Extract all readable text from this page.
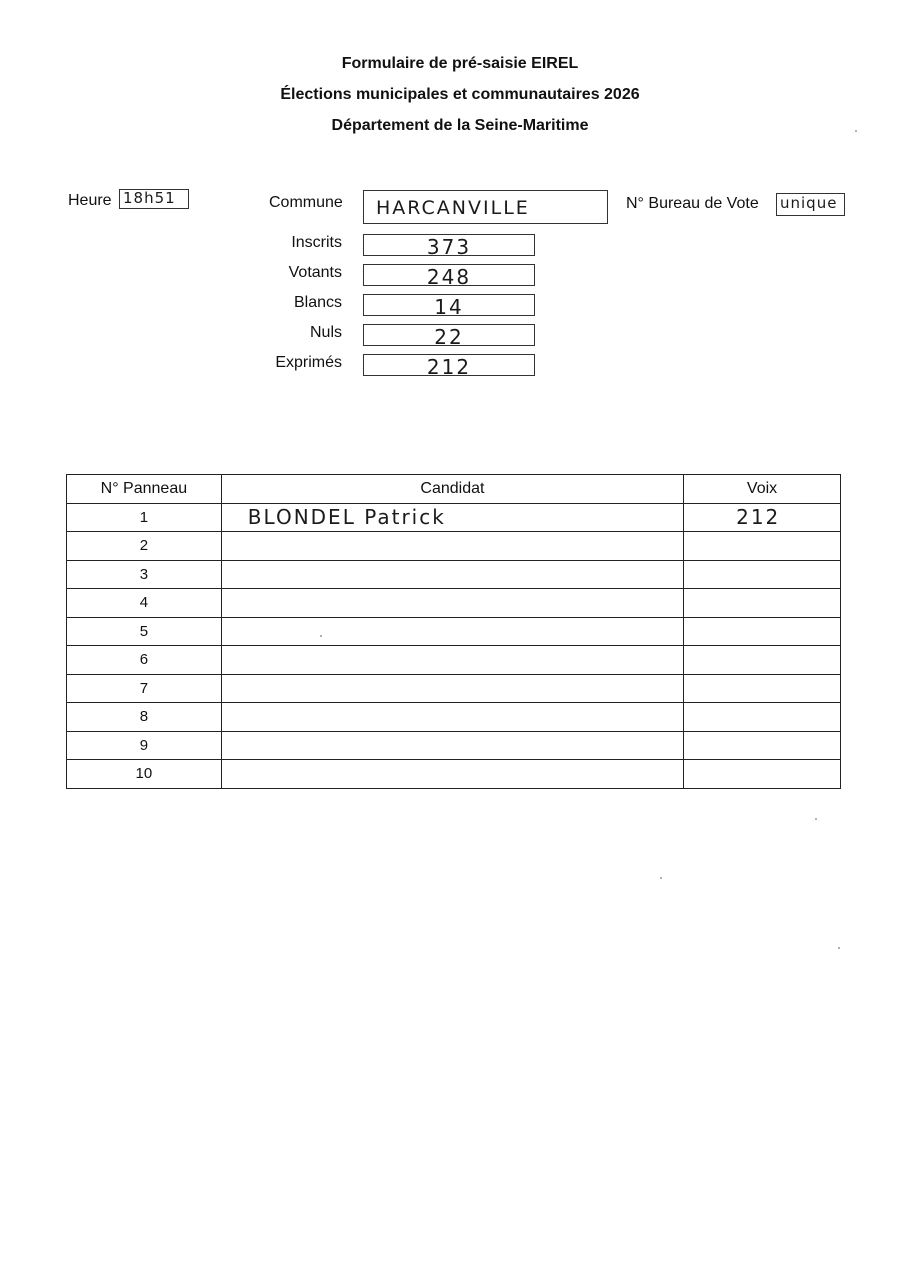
Formulaire de pré-saisie EIREL
Élections municipales et communautaires 2026
Département de la Seine-Maritime
Heure 18h51	Commune HARCANVILLE	N° Bureau de Vote unique
Inscrits	373
Votants	248
Blancs	14
Nuls	22
Exprimés	212
N° Panneau	Candidat	Voix
1	BLONDEL Patrick	212
2		
3		
4		
5		
6		
7		
8		
9		
10		
